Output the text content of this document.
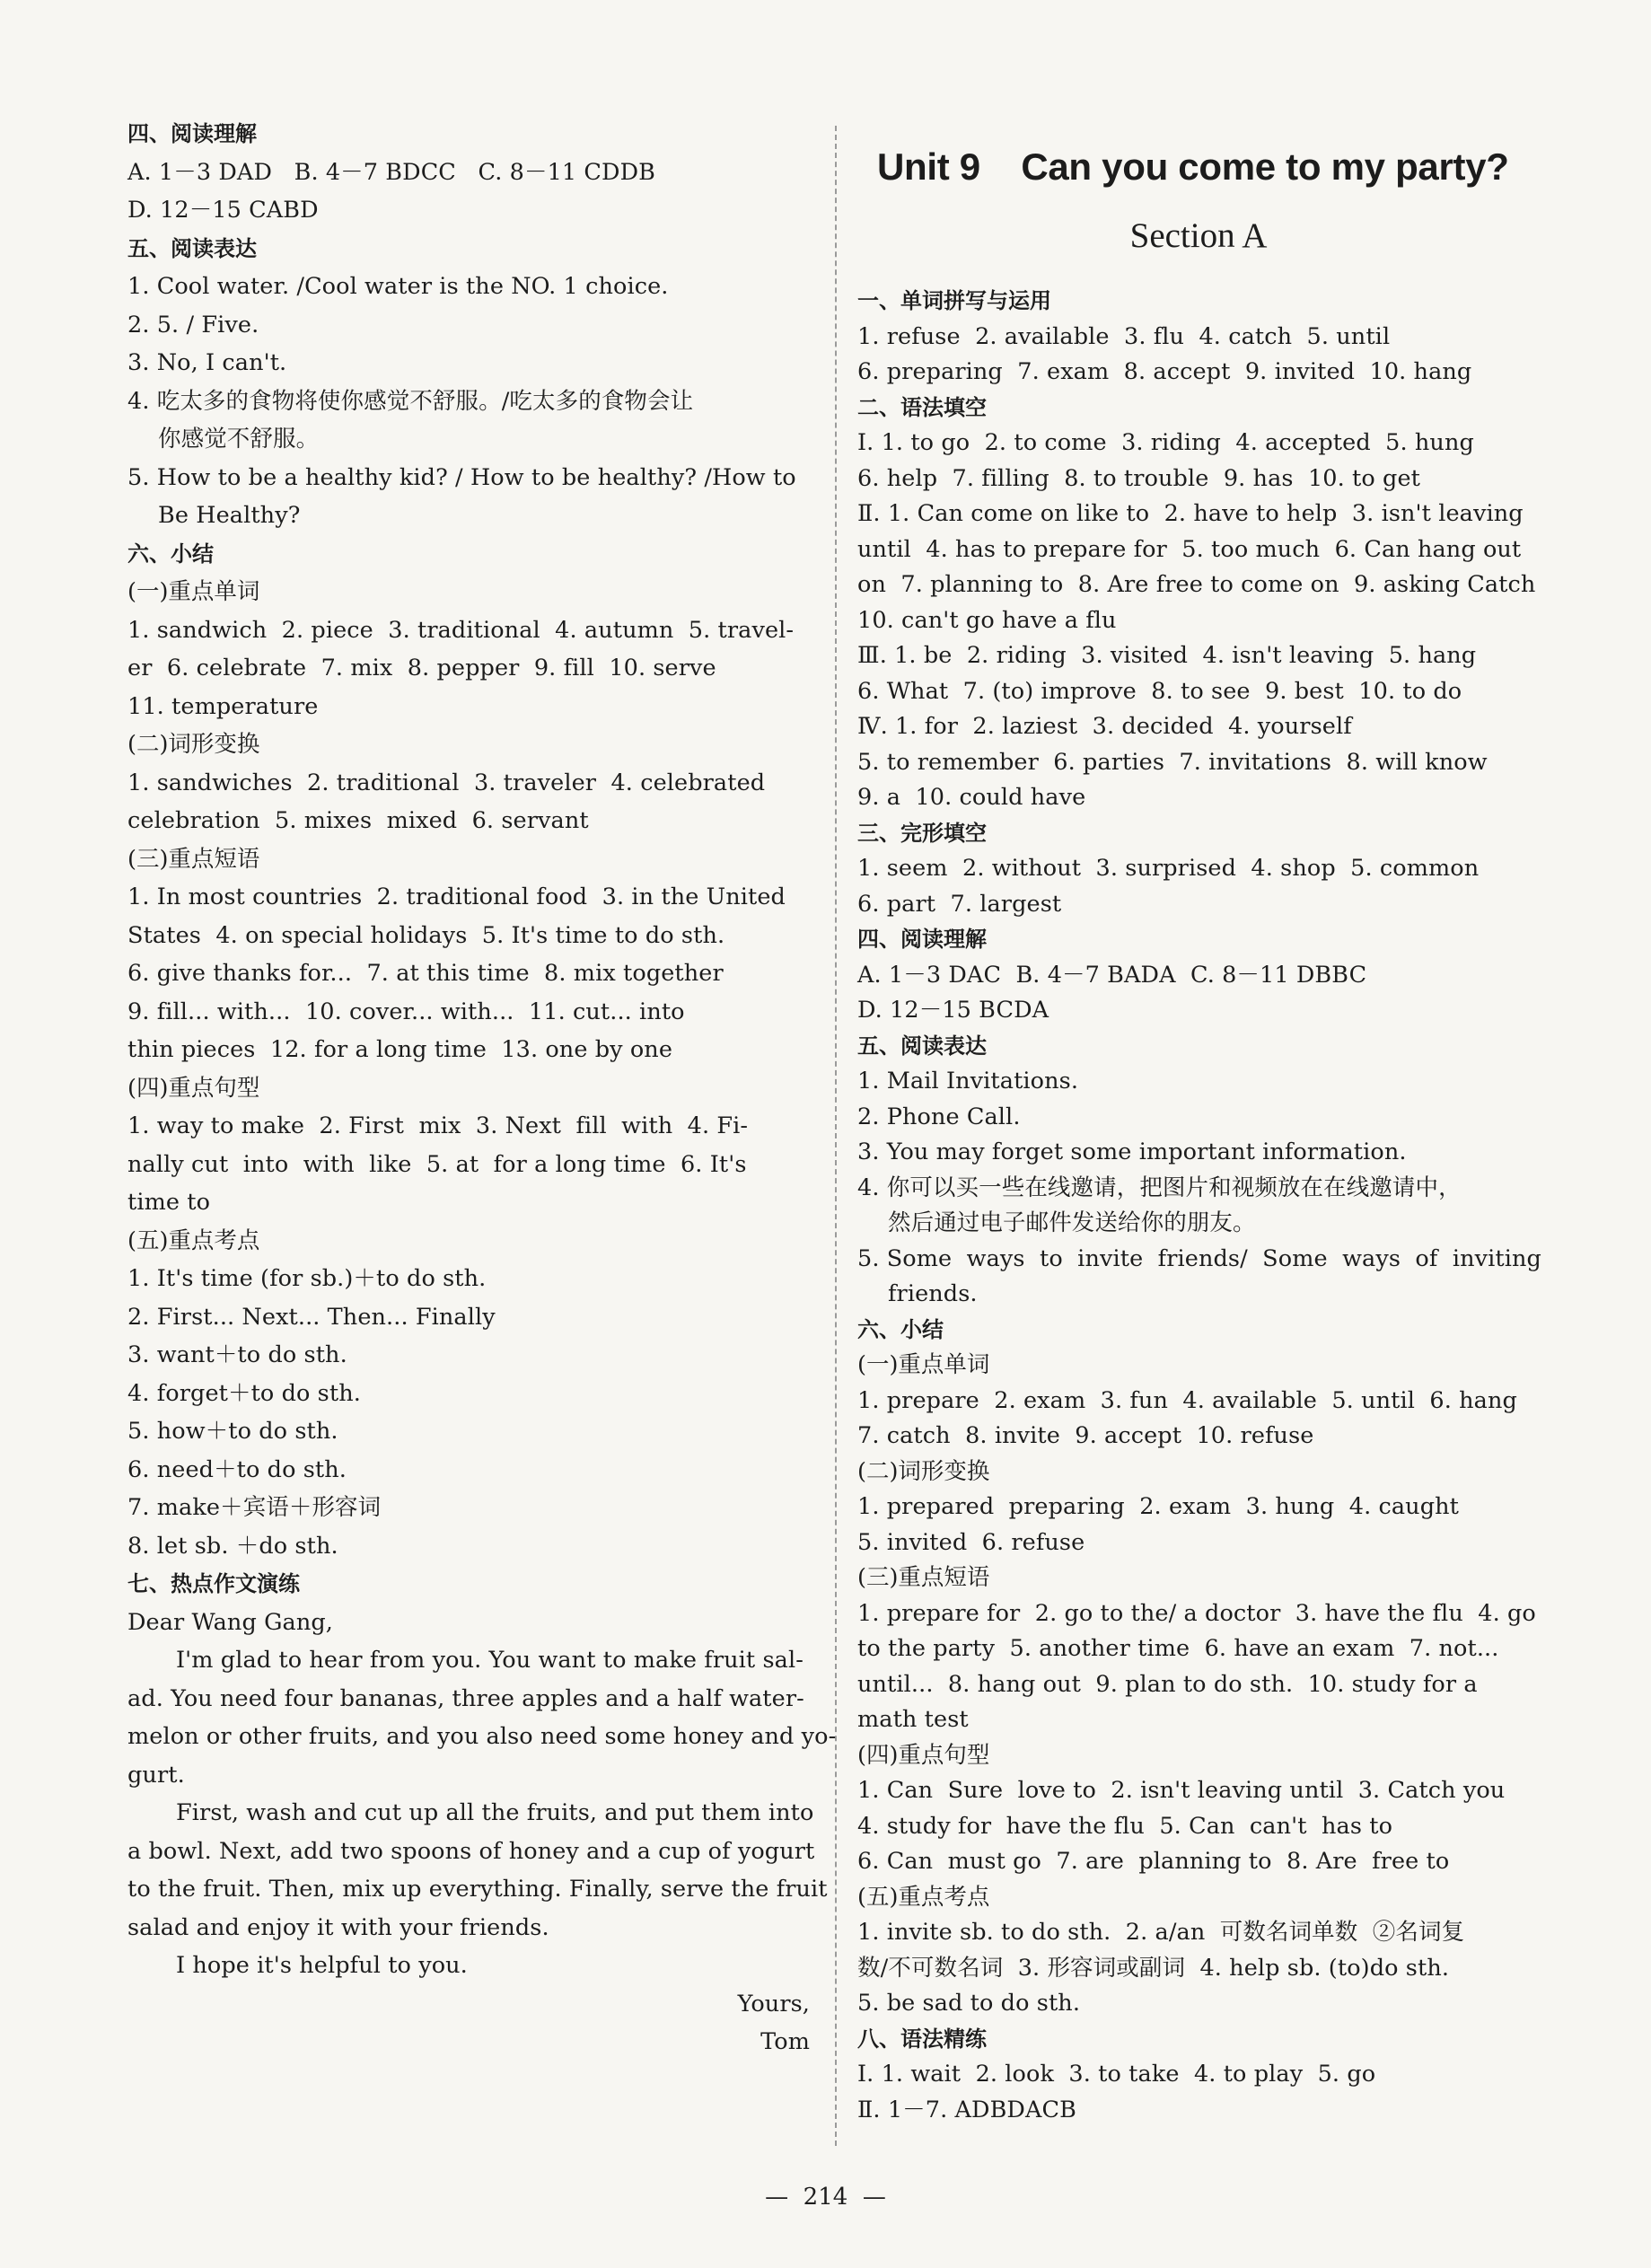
四、阅读理解
A. 1－3 DAD   B. 4－7 BDCC   C. 8－11 CDDB
D. 12－15 CABD
五、阅读表达
1. Cool water. /Cool water is the NO. 1 choice.
2. 5. / Five.
3. No, I can't.
4. 吃太多的食物将使你感觉不舒服。/吃太多的食物会让
你感觉不舒服。
5. How to be a healthy kid? / How to be healthy? /How to
Be Healthy?
六、小结
(一)重点单词
1. sandwich  2. piece  3. traditional  4. autumn  5. travel-
er  6. celebrate  7. mix  8. pepper  9. fill  10. serve
11. temperature
(二)词形变换
1. sandwiches  2. traditional  3. traveler  4. celebrated
celebration  5. mixes  mixed  6. servant
(三)重点短语
1. In most countries  2. traditional food  3. in the United
States  4. on special holidays  5. It's time to do sth.
6. give thanks for...  7. at this time  8. mix together
9. fill... with...  10. cover... with...  11. cut... into
thin pieces  12. for a long time  13. one by one
(四)重点句型
1. way to make  2. First  mix  3. Next  fill  with  4. Fi-
nally cut  into  with  like  5. at  for a long time  6. It's
time to
(五)重点考点
1. It's time (for sb.)＋to do sth.
2. First... Next... Then... Finally
3. want＋to do sth.
4. forget＋to do sth.
5. how＋to do sth.
6. need＋to do sth.
7. make＋宾语＋形容词
8. let sb. ＋do sth.
七、热点作文演练
Dear Wang Gang,
I'm glad to hear from you. You want to make fruit sal-
ad. You need four bananas, three apples and a half water-
melon or other fruits, and you also need some honey and yo-
gurt.
First, wash and cut up all the fruits, and put them into
a bowl. Next, add two spoons of honey and a cup of yogurt
to the fruit. Then, mix up everything. Finally, serve the fruit
salad and enjoy it with your friends.
I hope it's helpful to you.
Yours,
Tom
Unit 9    Can you come to my party?
Section A
一、单词拼写与运用
1. refuse  2. available  3. flu  4. catch  5. until
6. preparing  7. exam  8. accept  9. invited  10. hang
二、语法填空
Ⅰ. 1. to go  2. to come  3. riding  4. accepted  5. hung
6. help  7. filling  8. to trouble  9. has  10. to get
Ⅱ. 1. Can come on like to  2. have to help  3. isn't leaving
until  4. has to prepare for  5. too much  6. Can hang out
on  7. planning to  8. Are free to come on  9. asking Catch
10. can't go have a flu
Ⅲ. 1. be  2. riding  3. visited  4. isn't leaving  5. hang
6. What  7. (to) improve  8. to see  9. best  10. to do
Ⅳ. 1. for  2. laziest  3. decided  4. yourself
5. to remember  6. parties  7. invitations  8. will know
9. a  10. could have
三、完形填空
1. seem  2. without  3. surprised  4. shop  5. common
6. part  7. largest
四、阅读理解
A. 1－3 DAC  B. 4－7 BADA  C. 8－11 DBBC
D. 12－15 BCDA
五、阅读表达
1. Mail Invitations.
2. Phone Call.
3. You may forget some important information.
4. 你可以买一些在线邀请，把图片和视频放在在线邀请中，
然后通过电子邮件发送给你的朋友。
5. Some  ways  to  invite  friends/  Some  ways  of  inviting
friends.
六、小结
(一)重点单词
1. prepare  2. exam  3. fun  4. available  5. until  6. hang
7. catch  8. invite  9. accept  10. refuse
(二)词形变换
1. prepared  preparing  2. exam  3. hung  4. caught
5. invited  6. refuse
(三)重点短语
1. prepare for  2. go to the/ a doctor  3. have the flu  4. go
to the party  5. another time  6. have an exam  7. not...
until...  8. hang out  9. plan to do sth.  10. study for a
math test
(四)重点句型
1. Can  Sure  love to  2. isn't leaving until  3. Catch you
4. study for  have the flu  5. Can  can't  has to
6. Can  must go  7. are  planning to  8. Are  free to
(五)重点考点
1. invite sb. to do sth.  2. a/an  可数名词单数  ②名词复
数/不可数名词  3. 形容词或副词  4. help sb. (to)do sth.
5. be sad to do sth.
八、语法精练
Ⅰ. 1. wait  2. look  3. to take  4. to play  5. go
Ⅱ. 1－7. ADBDACB
—  214  —
